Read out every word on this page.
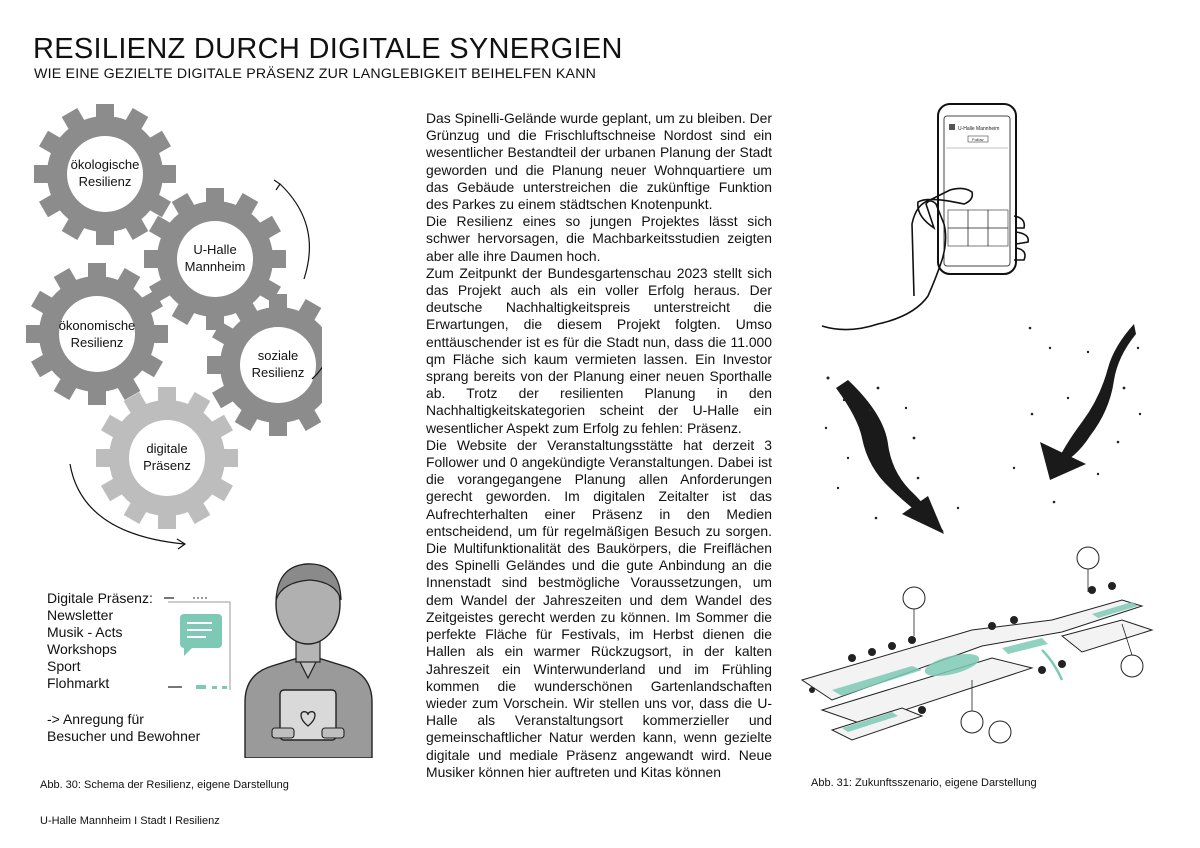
RESILIENZ DURCH DIGITALE SYNERGIEN
WIE EINE GEZIELTE DIGITALE PRÄSENZ ZUR LANGLEBIGKEIT BEIHELFEN KANN
ökologische
Resilienz
U-Halle
Mannheim
ökonomische
Resilienz
soziale
Resilienz
digitale
Präsenz
Digitale Präsenz:
Newsletter
Musik - Acts
Workshops
Sport
Flohmarkt
-> Anregung für
Besucher und Bewohner

Das Spinelli-Gelände wurde geplant, um zu bleiben. Der Grünzug und die Frischluftschneise Nordost sind ein wesentlicher Bestandteil der urbanen Planung der Stadt geworden und die Planung neuer Wohnquartiere um das Gebäude unterstreichen die zukünftige Funktion des Parkes zu einem städtschen Knotenpunkt.

Die Resilienz eines so jungen Projektes lässt sich schwer hervorsagen, die Machbarkeitsstudien zeigten aber alle ihre Daumen hoch.

Zum Zeitpunkt der Bundesgartenschau 2023 stellt sich das Projekt auch als ein voller Erfolg heraus. Der deutsche Nachhaltigkeitspreis unterstreicht die Erwartungen, die diesem Projekt folgten. Umso enttäuschender ist es für die Stadt nun, dass die 11.000 qm Fläche sich kaum vermieten lassen. Ein Investor sprang bereits von der Planung einer neuen Sporthalle ab. Trotz der resilienten Planung in den Nachhaltigkeitskategorien scheint der U-Halle ein wesentlicher Aspekt zum Erfolg zu fehlen: Präsenz.

Die Website der Veranstaltungsstätte hat derzeit 3 Follower und 0 angekündigte Veranstaltungen. Dabei ist die vorangegangene Planung allen Anforderungen gerecht geworden. Im digitalen Zeitalter ist das Aufrechterhalten einer Präsenz in den Medien entscheidend, um für regelmäßigen Besuch zu sorgen. Die Multifunktionalität des Baukörpers, die Freiflächen des Spinelli Geländes und die gute Anbindung an die Innenstadt sind bestmögliche Voraussetzungen, um dem Wandel der Jahreszeiten und dem Wandel des Zeitgeistes gerecht werden zu können. Im Sommer die perfekte Fläche für Festivals, im Herbst dienen die Hallen als ein warmer Rückzugsort, in der kalten Jahreszeit ein Winterwunderland und im Frühling kommen die wunderschönen Gartenlandschaften wieder zum Vorschein. Wir stellen uns vor, dass die U-Halle als Veranstaltungsort kommerzieller und gemeinschaftlicher Natur werden kann, wenn gezielte digitale und mediale Präsenz angewandt wird. Neue Musiker können hier auftreten und Kitas können

U-Halle Mannheim
Follow
Abb. 30: Schema der Resilienz, eigene Darstellung	Abb. 31: Zukunftsszenario, eigene Darstellung
U-Halle Mannheim I Stadt I Resilienz
